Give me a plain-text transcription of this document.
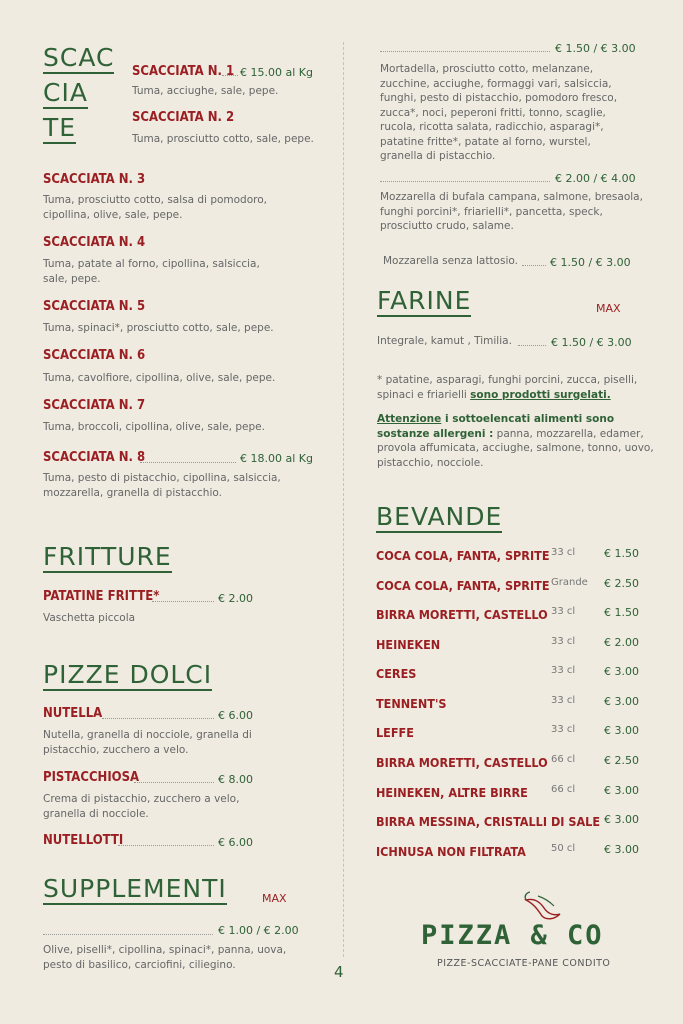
SCAC
CIA
TE
SCACCIATA N. 1 € 15.00 al Kg
Tuma, acciughe, sale, pepe.
SCACCIATA N. 2
Tuma, prosciutto cotto, sale, pepe.
SCACCIATA N. 3
Tuma, prosciutto cotto, salsa di pomodoro, cipollina, olive, sale, pepe.
SCACCIATA N. 4
Tuma, patate al forno, cipollina, salsiccia, sale, pepe.
SCACCIATA N. 5
Tuma, spinaci*, prosciutto cotto, sale, pepe.
SCACCIATA N. 6
Tuma, cavolfiore, cipollina, olive, sale, pepe.
SCACCIATA N. 7
Tuma, broccoli, cipollina, olive, sale, pepe.
SCACCIATA N. 8	€ 18.00 al Kg
Tuma, pesto di pistacchio, cipollina, salsiccia, mozzarella, granella di pistacchio.
FRITTURE
PATATINE FRITTE*	€ 2.00
Vaschetta piccola
PIZZE DOLCI
NUTELLA	€ 6.00
Nutella, granella di nocciole, granella di pistacchio, zucchero a velo.
PISTACCHIOSA	€ 8.00
Crema di pistacchio, zucchero a velo, granella di nocciole.
NUTELLOTTI	€ 6.00
SUPPLEMENTI	MAX
€ 1.00 / € 2.00
Olive, piselli*, cipollina, spinaci*, panna, uova, pesto di basilico, carciofini, ciliegino.	4
€ 1.50 / € 3.00
Mortadella, prosciutto cotto, melanzane, zucchine, acciughe, formaggi vari, salsiccia, funghi, pesto di pistacchio, pomodoro fresco, zucca*, noci, peperoni fritti, tonno, scaglie, rucola, ricotta salata, radicchio, asparagi*, patatine fritte*, patate al forno, wurstel, granella di pistacchio.
€ 2.00 / € 4.00
Mozzarella di bufala campana, salmone, bresaola, funghi porcini*, friarielli*, pancetta, speck, prosciutto crudo, salame.
Mozzarella senza lattosio.	€ 1.50 / € 3.00
FARINE	MAX
Integrale, kamut , Timilia.	€ 1.50 / € 3.00
* patatine, asparagi, funghi porcini, zucca, piselli, spinaci e friarielli sono prodotti surgelati.
Attenzione i sottoelencati alimenti sono sostanze allergeni : panna, mozzarella, edamer, provola affumicata, acciughe, salmone, tonno, uovo, pistacchio, nocciole.
BEVANDE
COCA COLA, FANTA, SPRITE 33 cl	€ 1.50
COCA COLA, FANTA, SPRITE Grande € 2.50
BIRRA MORETTI, CASTELLO 33 cl	€ 1.50
HEINEKEN	33 cl	€ 2.00
CERES	33 cl	€ 3.00
TENNENT'S	33 cl	€ 3.00
LEFFE	33 cl	€ 3.00
BIRRA MORETTI, CASTELLO 66 cl	€ 2.50
HEINEKEN, ALTRE BIRRE 66 cl	€ 3.00
BIRRA MESSINA, CRISTALLI DI SALE € 3.00
ICHNUSA NON FILTRATA	50 cl	€ 3.00
PIZZA & CO
PIZZE-SCACCIATE-PANE CONDITO
